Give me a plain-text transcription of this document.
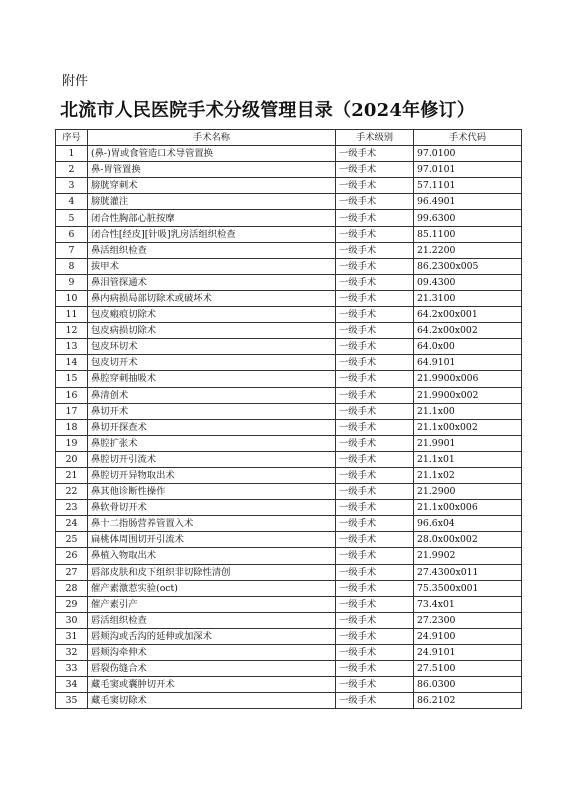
附件
北流市人民医院手术分级管理目录（2024年修订）
序号	手术名称	手术级别	手术代码
1	(鼻-)胃或食管造口术导管置换	一级手术	97.0100
2	鼻-胃管置换	一级手术	97.0101
3	膀胱穿刺术	一级手术	57.1101
4	膀胱灌注	一级手术	96.4901
5	闭合性胸部心脏按摩	一级手术	99.6300
6	闭合性[经皮][针吸]乳房活组织检查	一级手术	85.1100
7	鼻活组织检查	一级手术	21.2200
8	拔甲术	一级手术	86.2300x005
9	鼻泪管探通术	一级手术	09.4300
10	鼻内病损局部切除术或破坏术	一级手术	21.3100
11	包皮瘢痕切除术	一级手术	64.2x00x001
12	包皮病损切除术	一级手术	64.2x00x002
13	包皮环切术	一级手术	64.0x00
14	包皮切开术	一级手术	64.9101
15	鼻腔穿刺抽吸术	一级手术	21.9900x006
16	鼻清创术	一级手术	21.9900x002
17	鼻切开术	一级手术	21.1x00
18	鼻切开探查术	一级手术	21.1x00x002
19	鼻腔扩张术	一级手术	21.9901
20	鼻腔切开引流术	一级手术	21.1x01
21	鼻腔切开异物取出术	一级手术	21.1x02
22	鼻其他诊断性操作	一级手术	21.2900
23	鼻软骨切开术	一级手术	21.1x00x006
24	鼻十二指肠营养管置入术	一级手术	96.6x04
25	扁桃体周围切开引流术	一级手术	28.0x00x002
26	鼻植入物取出术	一级手术	21.9902
27	唇部皮肤和皮下组织非切除性清创	一级手术	27.4300x011
28	催产素激惹实验(oct)	一级手术	75.3500x001
29	催产素引产	一级手术	73.4x01
30	唇活组织检查	一级手术	27.2300
31	唇颊沟或舌沟的延伸或加深术	一级手术	24.9100
32	唇颊沟牵伸术	一级手术	24.9101
33	唇裂伤缝合术	一级手术	27.5100
34	藏毛窦或囊肿切开术	一级手术	86.0300
35	藏毛窦切除术	一级手术	86.2102
